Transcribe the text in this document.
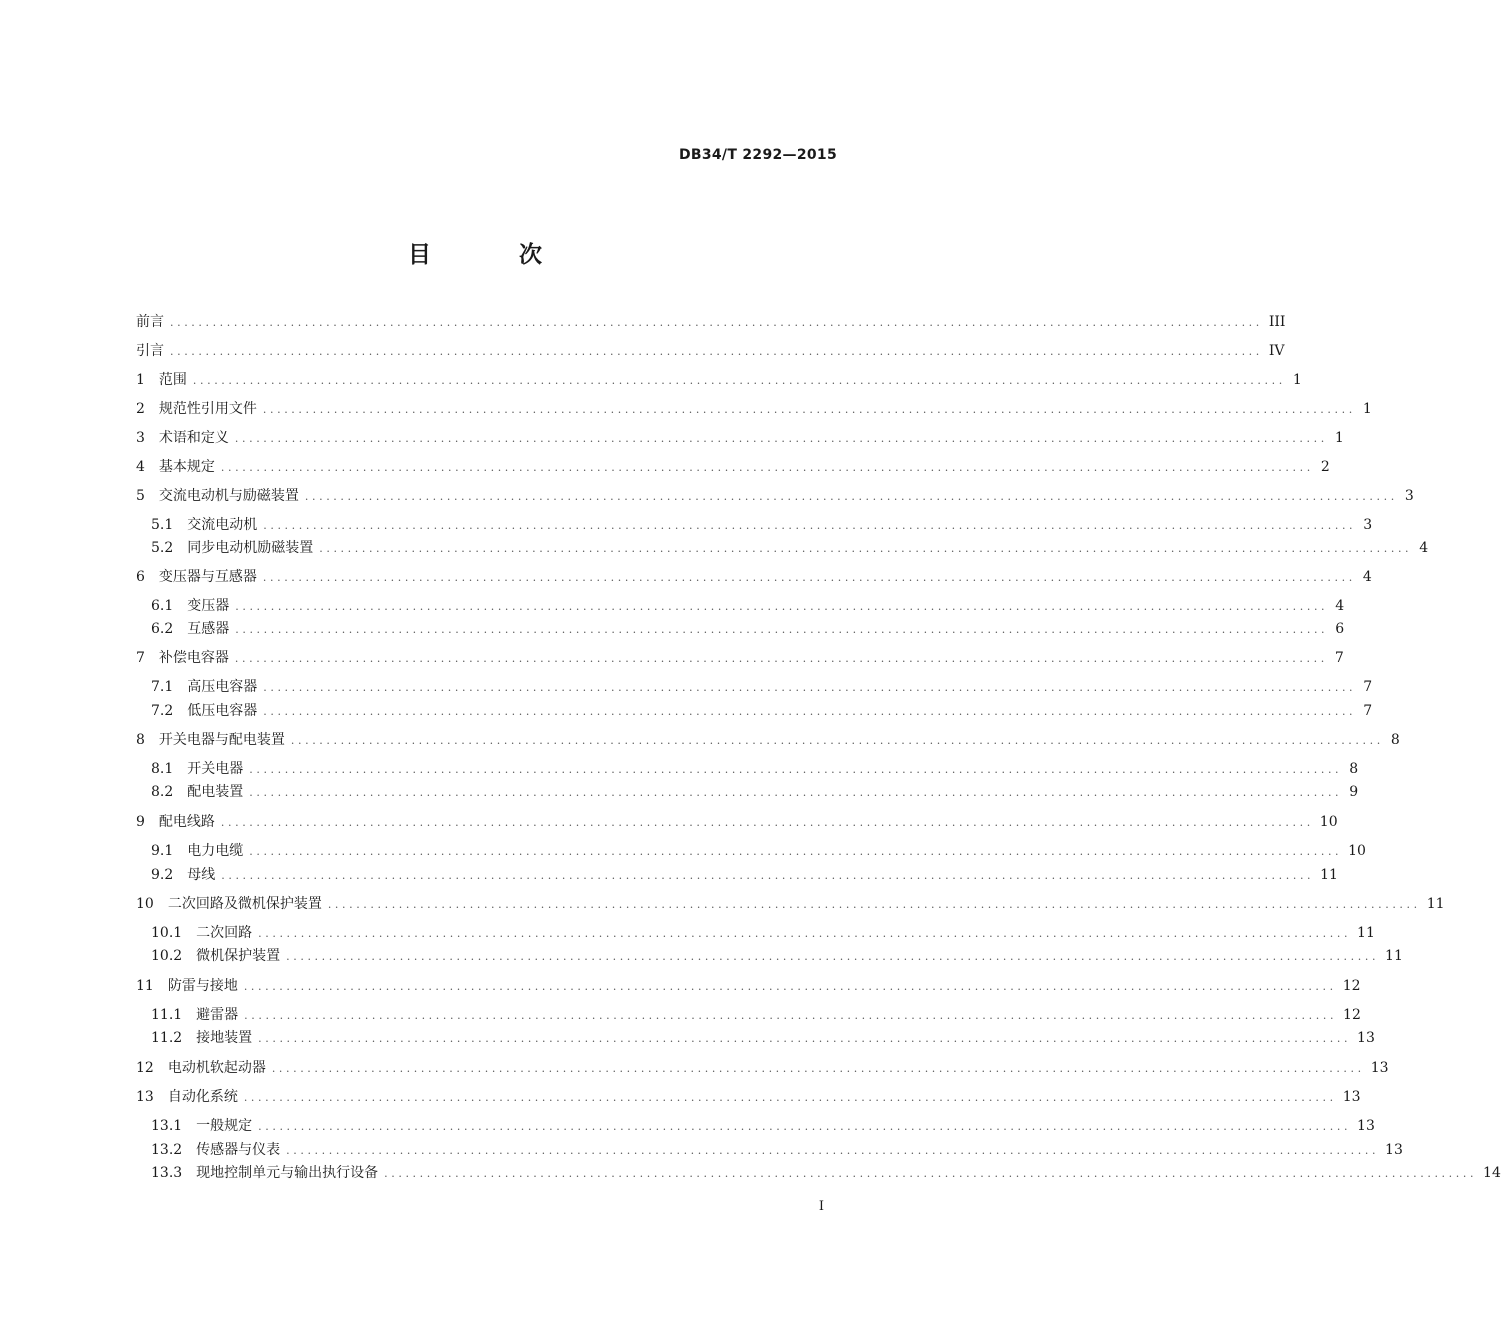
DB34/T 2292—2015
目 次
前言 .......................................................................................................................................................... III
引言 .......................................................................................................................................................... IV
1 范围 .......................................................................................................................................................... 1
2 规范性引用文件 .......................................................................................................................................................... 1
3 术语和定义 .......................................................................................................................................................... 1
4 基本规定 .......................................................................................................................................................... 2
5 交流电动机与励磁装置 .......................................................................................................................................................... 3
5.1 交流电动机 .......................................................................................................................................................... 3
5.2 同步电动机励磁装置 .......................................................................................................................................................... 4
6 变压器与互感器 .......................................................................................................................................................... 4
6.1 变压器 .......................................................................................................................................................... 4
6.2 互感器 .......................................................................................................................................................... 6
7 补偿电容器 .......................................................................................................................................................... 7
7.1 高压电容器 .......................................................................................................................................................... 7
7.2 低压电容器 .......................................................................................................................................................... 7
8 开关电器与配电装置 .......................................................................................................................................................... 8
8.1 开关电器 .......................................................................................................................................................... 8
8.2 配电装置 .......................................................................................................................................................... 9
9 配电线路 .......................................................................................................................................................... 10
9.1 电力电缆 .......................................................................................................................................................... 10
9.2 母线 .......................................................................................................................................................... 11
10 二次回路及微机保护装置 .......................................................................................................................................................... 11
10.1 二次回路 .......................................................................................................................................................... 11
10.2 微机保护装置 .......................................................................................................................................................... 11
11 防雷与接地 .......................................................................................................................................................... 12
11.1 避雷器 .......................................................................................................................................................... 12
11.2 接地装置 .......................................................................................................................................................... 13
12 电动机软起动器 .......................................................................................................................................................... 13
13 自动化系统 .......................................................................................................................................................... 13
13.1 一般规定 .......................................................................................................................................................... 13
13.2 传感器与仪表 .......................................................................................................................................................... 13
13.3 现地控制单元与输出执行设备 .......................................................................................................................................................... 14
I
